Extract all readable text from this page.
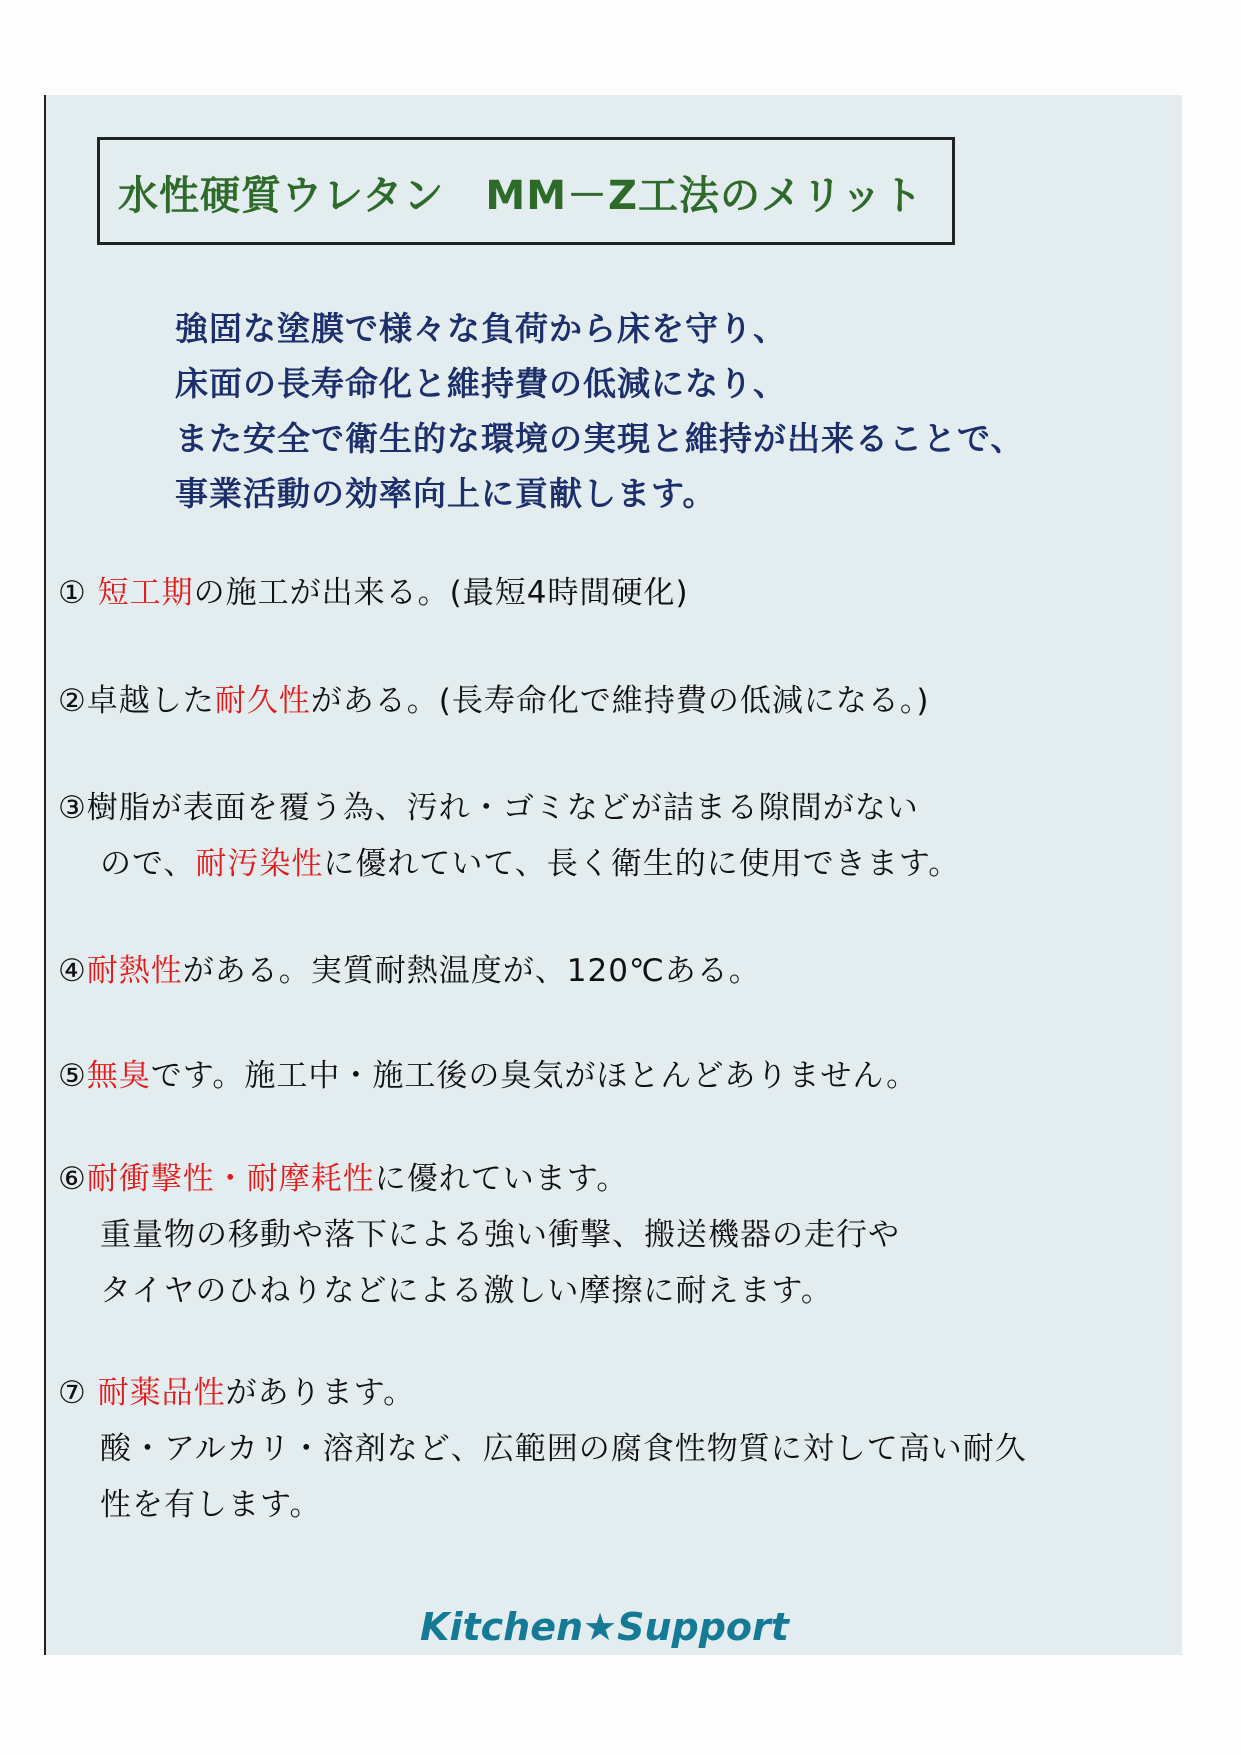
水性硬質ウレタン　MM－Z工法のメリット
強固な塗膜で様々な負荷から床を守り、
床面の長寿命化と維持費の低減になり、
また安全で衛生的な環境の実現と維持が出来ることで、
事業活動の効率向上に貢献します。
① 短工期の施工が出来る。(最短4時間硬化)
②卓越した耐久性がある。(長寿命化で維持費の低減になる。)
③樹脂が表面を覆う為、汚れ・ゴミなどが詰まる隙間がない
④耐熱性がある。実質耐熱温度が、120℃ある。
⑤無臭です。施工中・施工後の臭気がほとんどありません。
⑥耐衝撃性・耐摩耗性に優れています。
重量物の移動や落下による強い衝撃、搬送機器の走行や
タイヤのひねりなどによる激しい摩擦に耐えます。
⑦ 耐薬品性があります。
酸・アルカリ・溶剤など、広範囲の腐食性物質に対して高い耐久
性を有します。
ので、耐汚染性に優れていて、長く衛生的に使用できます。
Kitchen★Support
